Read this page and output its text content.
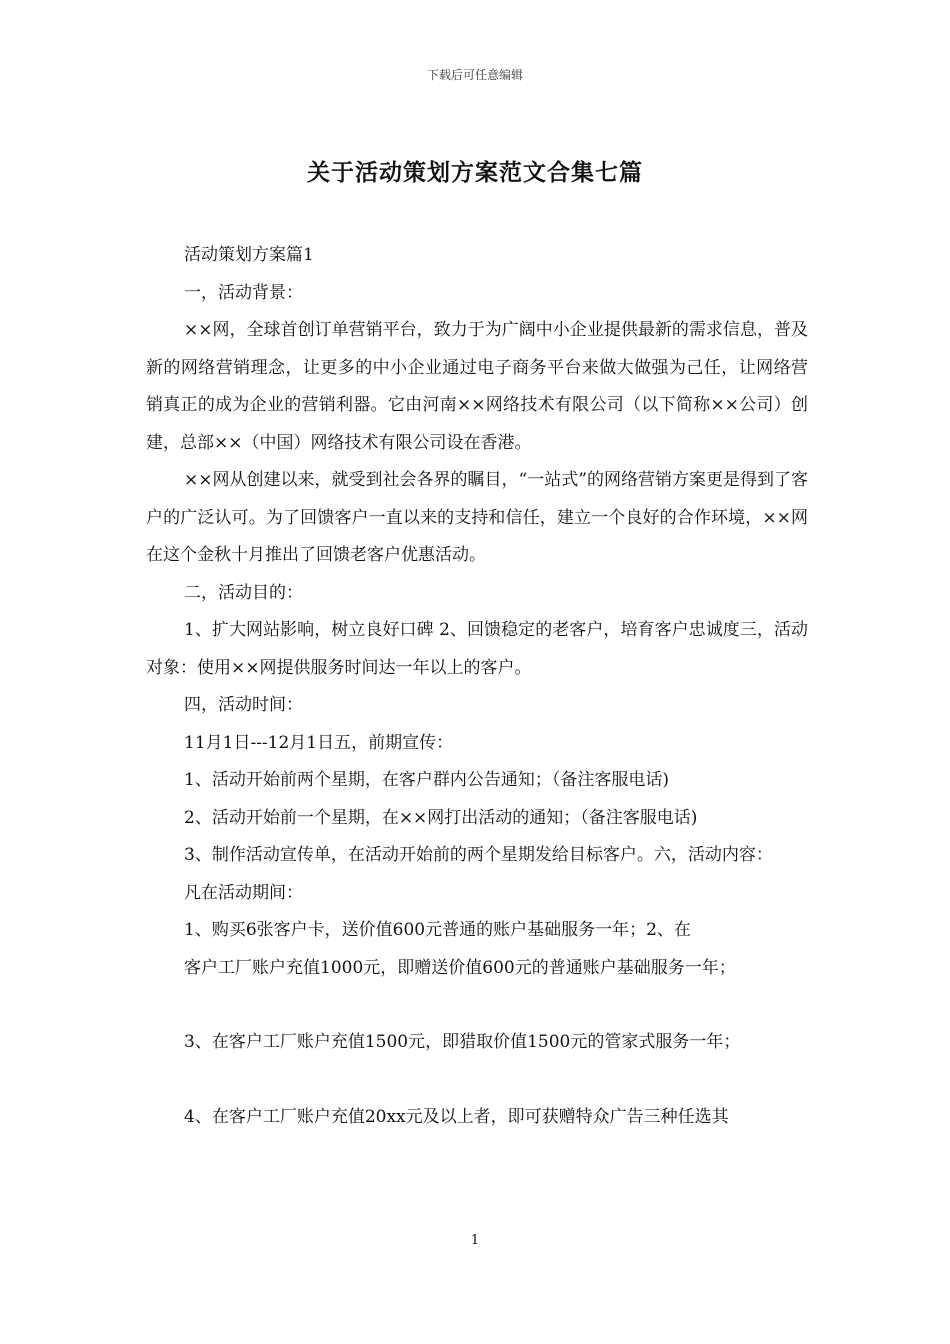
下载后可任意编辑
关于活动策划方案范文合集七篇

活动策划方案篇1

一，活动背景：

××网，全球首创订单营销平台，致力于为广阔中小企业提供最新的需求信息，普及新的网络营销理念，让更多的中小企业通过电子商务平台来做大做强为己任，让网络营销真正的成为企业的营销利器。它由河南××网络技术有限公司（以下简称××公司）创建，总部××（中国）网络技术有限公司设在香港。

××网从创建以来，就受到社会各界的瞩目，“一站式”的网络营销方案更是得到了客户的广泛认可。为了回馈客户一直以来的支持和信任，建立一个良好的合作环境，××网在这个金秋十月推出了回馈老客户优惠活动。

二，活动目的：

1、扩大网站影响，树立良好口碑 2、回馈稳定的老客户，培育客户忠诚度三，活动对象：使用××网提供服务时间达一年以上的客户。

四，活动时间：

11月1日---12月1日五，前期宣传：

1、活动开始前两个星期，在客户群内公告通知；（备注客服电话)

2、活动开始前一个星期，在××网打出活动的通知；（备注客服电话)

3、制作活动宣传单，在活动开始前的两个星期发给目标客户。六，活动内容：

凡在活动期间：

1、购买6张客户卡，送价值600元普通的账户基础服务一年；2、在

客户工厂账户充值1000元，即赠送价值600元的普通账户基础服务一年；

3、在客户工厂账户充值1500元，即猎取价值1500元的管家式服务一年；

4、在客户工厂账户充值20xx元及以上者，即可获赠特众广告三种任选其

1
